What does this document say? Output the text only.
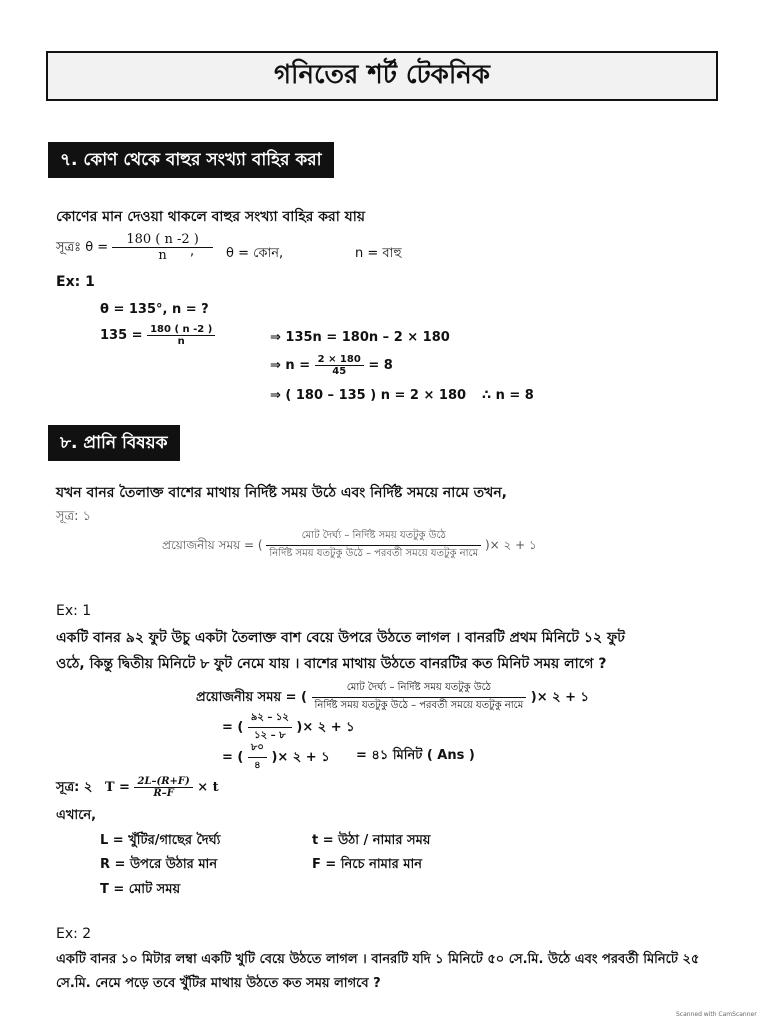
গনিতের শর্ট টেকনিক
৭. কোণ থেকে বাহুর সংখ্যা বাহির করা
কোণের মান দেওয়া থাকলে বাহুর সংখ্যা বাহির করা যায়
সূত্রঃ $\theta = \frac{180 ( n -2 )}{n}$
, θ = কোন,	n = বাহু
Ex: 1
θ = 135°, n = ?
$135 = \frac{180 ( n -2 )}{n}$	⇒ 135n = 180n – 2 × 180
⇒ $n = \frac{2 \times 180}{45} = 8$
⇒ ( 180 – 135 ) n = 2 × 180 ∴ n = 8
৮. প্রানি বিষয়ক
যখন বানর তৈলাক্ত বাশের মাথায় নির্দিষ্ট সময় উঠে এবং নির্দিষ্ট সময়ে নামে তখন,
সূত্র: ১
প্রয়োজনীয় সময় = ( $\frac{\text{মোট দৈর্ঘ্য – নির্দিষ্ট সময় যতটুকু উঠে}}{\text{নির্দিষ্ট সময় যতটুকু উঠে – পরবর্তী সময়ে যতটুকু নামে}}$ )× ২ + ১
Ex: 1
একটি বানর ৯২ ফুট উচু একটা তৈলাক্ত বাশ বেয়ে উপরে উঠতে লাগল । বানরটি প্রথম মিনিটে ১২ ফুট
ওঠে, কিন্তু দ্বিতীয় মিনিটে ৮ ফুট নেমে যায় । বাশের মাথায় উঠতে বানরটির কত মিনিট সময় লাগে ?
প্রয়োজনীয় সময় = ( $\frac{\text{মোট দৈর্ঘ্য – নির্দিষ্ট সময় যতটুকু উঠে}}{\text{নির্দিষ্ট সময় যতটুকু উঠে – পরবর্তী সময়ে যতটুকু নামে}}$ )× ২ + ১
= ( $\frac{৯২ - ১২}{১২ - ৮}$ )× ২ + ১
= ( $\frac{৮০}{৪}$ )× ২ + ১ = ৪১ মিনিট ( Ans )
সূত্র: ২ $T = \frac{2L-(R+F)}{R-F} \times t$
এখানে,
L = খুঁটির/গাছের দৈর্ঘ্য	t = উঠা / নামার সময়
R = উপরে উঠার মান	F = নিচে নামার মান
T = মোট সময়
Ex: 2
একটি বানর ১০ মিটার লম্বা একটি খুটি বেয়ে উঠতে লাগল । বানরটি যদি ১ মিনিটে ৫০ সে.মি. উঠে এবং পরবর্তী মিনিটে ২৫
সে.মি. নেমে পড়ে তবে খুঁটির মাথায় উঠতে কত সময় লাগবে ?
Scanned with CamScanner
